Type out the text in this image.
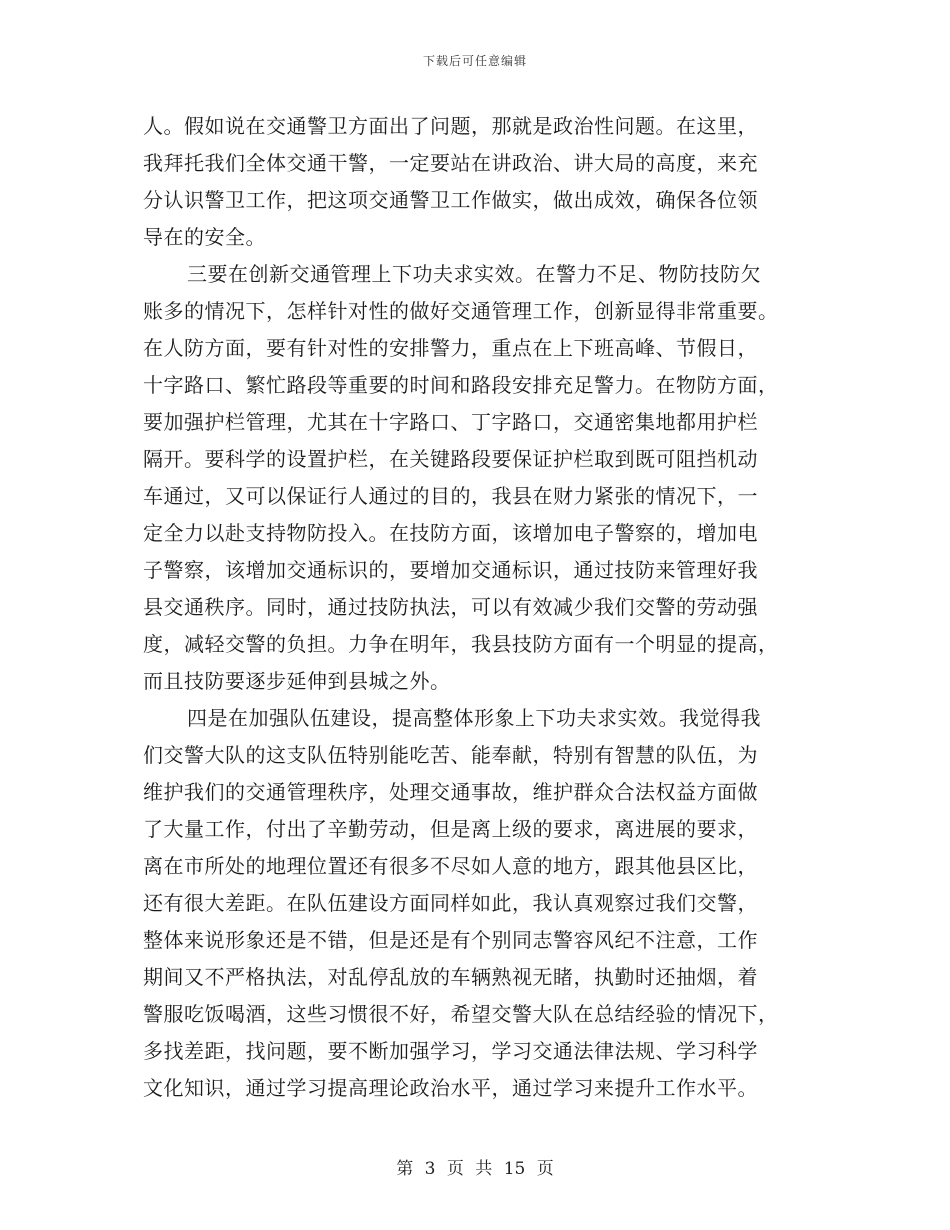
下载后可任意编辑
人。假如说在交通警卫方面出了问题，那就是政治性问题。在这里，
我拜托我们全体交通干警，一定要站在讲政治、讲大局的高度，来充
分认识警卫工作，把这项交通警卫工作做实，做出成效，确保各位领
导在的安全。
三要在创新交通管理上下功夫求实效。在警力不足、物防技防欠
账多的情况下，怎样针对性的做好交通管理工作，创新显得非常重要。
在人防方面，要有针对性的安排警力，重点在上下班高峰、节假日，
十字路口、繁忙路段等重要的时间和路段安排充足警力。在物防方面，
要加强护栏管理，尤其在十字路口、丁字路口，交通密集地都用护栏
隔开。要科学的设置护栏，在关键路段要保证护栏取到既可阻挡机动
车通过，又可以保证行人通过的目的，我县在财力紧张的情况下，一
定全力以赴支持物防投入。在技防方面，该增加电子警察的，增加电
子警察，该增加交通标识的，要增加交通标识，通过技防来管理好我
县交通秩序。同时，通过技防执法，可以有效减少我们交警的劳动强
度，减轻交警的负担。力争在明年，我县技防方面有一个明显的提高，
而且技防要逐步延伸到县城之外。
四是在加强队伍建设，提高整体形象上下功夫求实效。我觉得我
们交警大队的这支队伍特别能吃苦、能奉献，特别有智慧的队伍，为
维护我们的交通管理秩序，处理交通事故，维护群众合法权益方面做
了大量工作，付出了辛勤劳动，但是离上级的要求，离进展的要求，
离在市所处的地理位置还有很多不尽如人意的地方，跟其他县区比，
还有很大差距。在队伍建设方面同样如此，我认真观察过我们交警，
整体来说形象还是不错，但是还是有个别同志警容风纪不注意，工作
期间又不严格执法，对乱停乱放的车辆熟视无睹，执勤时还抽烟，着
警服吃饭喝酒，这些习惯很不好，希望交警大队在总结经验的情况下，
多找差距，找问题，要不断加强学习，学习交通法律法规、学习科学
文化知识，通过学习提高理论政治水平，通过学习来提升工作水平。
第 3 页 共 15 页
